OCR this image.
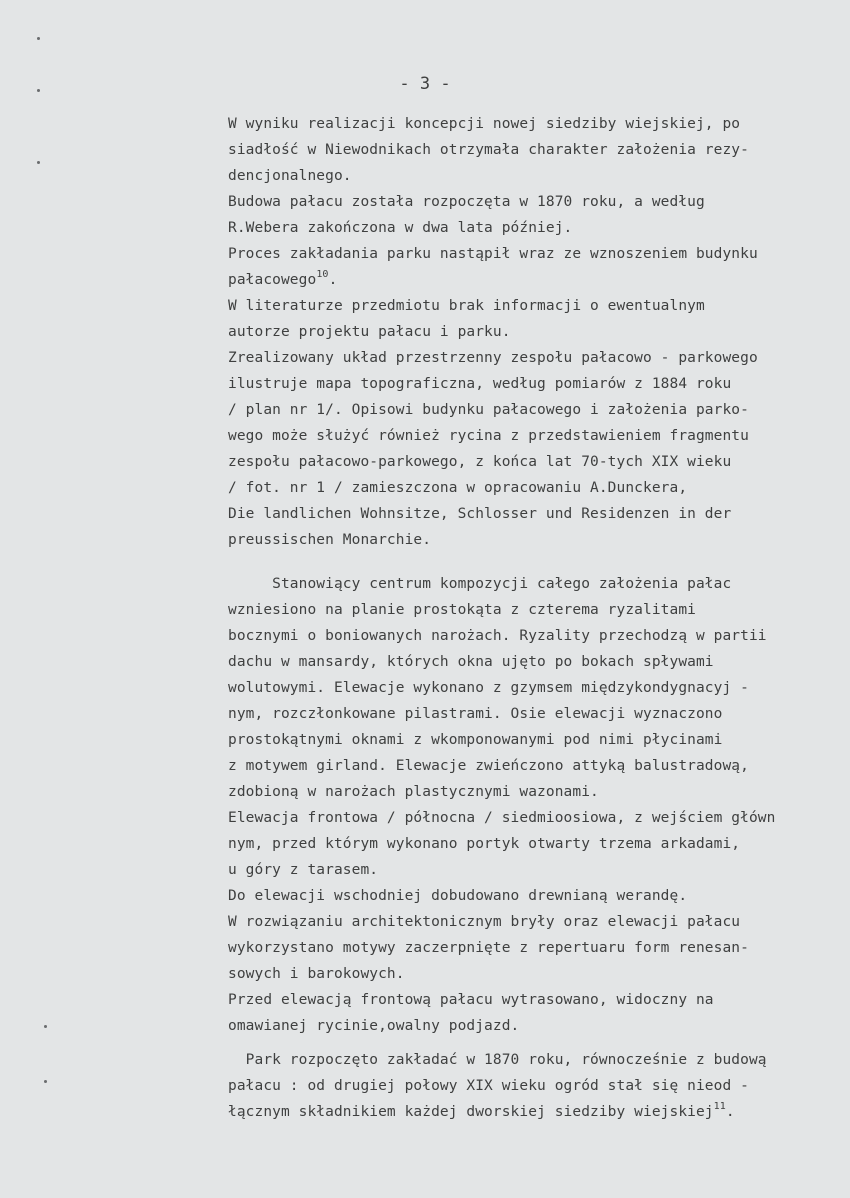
- 3 -
W wyniku realizacji koncepcji nowej siedziby wiejskiej, po
siadłość w Niewodnikach otrzymała charakter założenia rezy-
dencjonalnego.
Budowa pałacu została rozpoczęta w 1870 roku, a według
R.Webera zakończona w dwa lata później.
Proces zakładania parku nastąpił wraz ze wznoszeniem budynku
pałacowego$^{10}$.
W literaturze przedmiotu brak informacji o ewentualnym
autorze projektu pałacu i parku.
Zrealizowany układ przestrzenny zespołu pałacowo - parkowego
ilustruje mapa topograficzna, według pomiarów z 1884 roku
/ plan nr 1/. Opisowi budynku pałacowego i założenia parko-
wego może służyć również rycina z przedstawieniem fragmentu
zespołu pałacowo-parkowego, z końca lat 70-tych XIX wieku
/ fot. nr 1 / zamieszczona w opracowaniu A.Dunckera,
Die landlichen Wohnsitze, Schlosser und Residenzen in der
preussischen Monarchie.
Stanowiący centrum kompozycji całego założenia pałac
wzniesiono na planie prostokąta z czterema ryzalitami
bocznymi o boniowanych narożach. Ryzality przechodzą w partii
dachu w mansardy, których okna ujęto po bokach spływami
wolutowymi. Elewacje wykonano z gzymsem międzykondygnacyj -
nym, rozczłonkowane pilastrami. Osie elewacji wyznaczono
prostokątnymi oknami z wkomponowanymi pod nimi płycinami
z motywem girland. Elewacje zwieńczono attyką balustradową,
zdobioną w narożach plastycznymi wazonami.
Elewacja frontowa / północna / siedmioosiowa, z wejściem główn
nym, przed którym wykonano portyk otwarty trzema arkadami,
u góry z tarasem.
Do elewacji wschodniej dobudowano drewnianą werandę.
W rozwiązaniu architektonicznym bryły oraz elewacji pałacu
wykorzystano motywy zaczerpnięte z repertuaru form renesan-
sowych i barokowych.
Przed elewacją frontową pałacu wytrasowano, widoczny na
omawianej rycinie,owalny podjazd.
Park rozpoczęto zakładać w 1870 roku, równocześnie z budową
pałacu : od drugiej połowy XIX wieku ogród stał się nieod -
łącznym składnikiem każdej dworskiej siedziby wiejskiej$^{11}$.
